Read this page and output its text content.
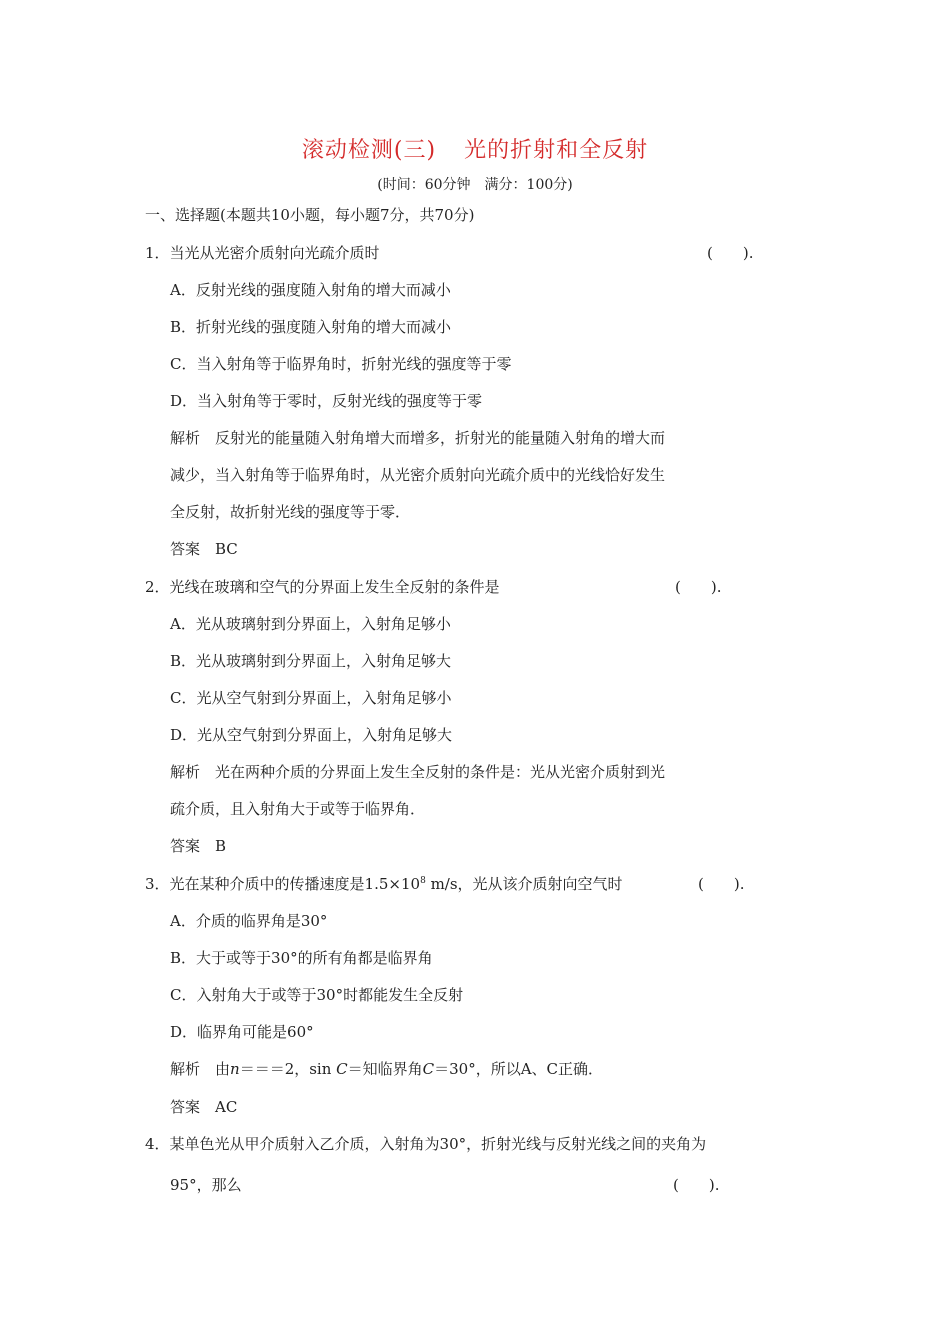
滚动检测(三) 光的折射和全反射
(时间：60分钟　满分：100分)
一、选择题(本题共10小题，每小题7分，共70分)
1．当光从光密介质射向光疏介质时	(　　).
A．反射光线的强度随入射角的增大而减小
B．折射光线的强度随入射角的增大而减小
C．当入射角等于临界角时，折射光线的强度等于零
D．当入射角等于零时，反射光线的强度等于零
解析　反射光的能量随入射角增大而增多，折射光的能量随入射角的增大而
减少，当入射角等于临界角时，从光密介质射向光疏介质中的光线恰好发生
全反射，故折射光线的强度等于零．
答案　BC
2．光线在玻璃和空气的分界面上发生全反射的条件是	(　　).
A．光从玻璃射到分界面上，入射角足够小
B．光从玻璃射到分界面上，入射角足够大
C．光从空气射到分界面上，入射角足够小
D．光从空气射到分界面上，入射角足够大
解析　光在两种介质的分界面上发生全反射的条件是：光从光密介质射到光
疏介质，且入射角大于或等于临界角．
答案　B
3．光在某种介质中的传播速度是$1.5\times 10^8$ m/s，光从该介质射向空气时	(　　).
A．介质的临界角是30°
B．大于或等于30°的所有角都是临界角
C．入射角大于或等于30°时都能发生全反射
D．临界角可能是60°
解析　由n＝＝＝2，sin C＝知临界角C＝30°，所以A、C正确．
答案　AC
4．某单色光从甲介质射入乙介质，入射角为30°，折射光线与反射光线之间的夹角为
95°，那么	(　　).
